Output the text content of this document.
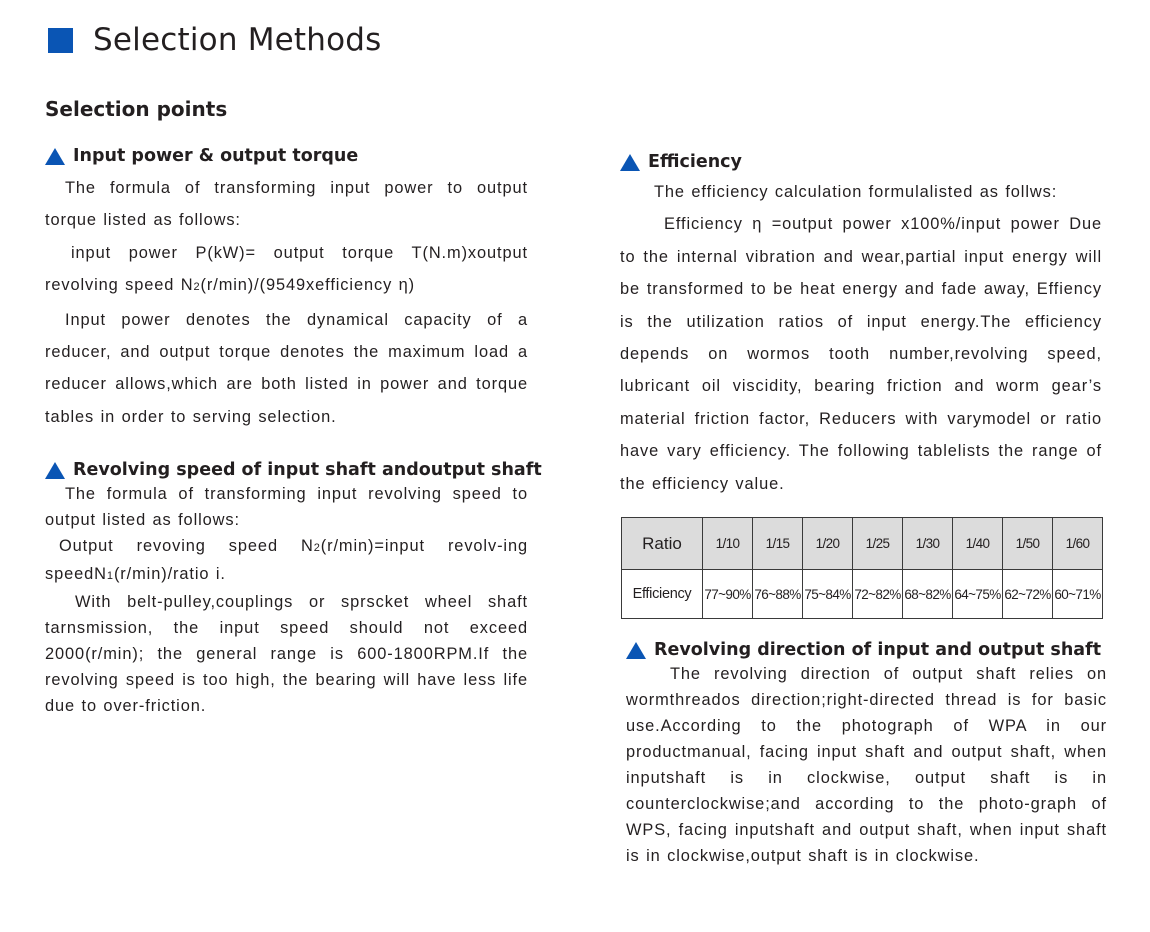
Selection Methods
Selection points
Input power & output torque

The formula of transforming input power to output torque listed as follows:

input power P(kW)= output torque T(N.m)xoutput revolving speed N2(r/min)/(9549xefficiency η)

Input power denotes the dynamical capacity of a reducer, and output torque denotes the maximum load a reducer allows,which are both listed in power and torque tables in order to serving selection.

Revolving speed of input shaft andoutput shaft

The formula of transforming input revolving speed to output listed as follows:

Output revoving speed N2(r/min)=input revolv-ing speedN1(r/min)/ratio i.

With belt-pulley,couplings or sprscket wheel shaft tarnsmission, the input speed should not exceed 2000(r/min); the general range is 600-1800RPM.If the revolving speed is too high, the bearing will have less life due to over-friction.

Efficiency

The efficiency calculation formulalisted as follws:

Efficiency η =output power x100%/input power Due to the internal vibration and wear,partial input energy will be transformed to be heat energy and fade away, Effiency is the utilization ratios of input energy.The efficiency depends on wormos tooth number,revolving speed, lubricant oil viscidity, bearing friction and worm gear’s material friction factor, Reducers with varymodel or ratio have vary efficiency. The following tablelists the range of the efficiency value.

Ratio	1/10	1/15	1/20	1/25	1/30	1/40	1/50	1/60
Efficiency	77~90%	76~88%	75~84%	72~82%	68~82%	64~75%	62~72%	60~71%
Revolving direction of input and output shaft

The revolving direction of output shaft relies on wormthreados direction;right-directed thread is for basic use.According to the photograph of WPA in our productmanual, facing input shaft and output shaft, when inputshaft is in clockwise, output shaft is in counterclockwise;and according to the photo-graph of WPS, facing inputshaft and output shaft, when input shaft is in clockwise,output shaft is in clockwise.
